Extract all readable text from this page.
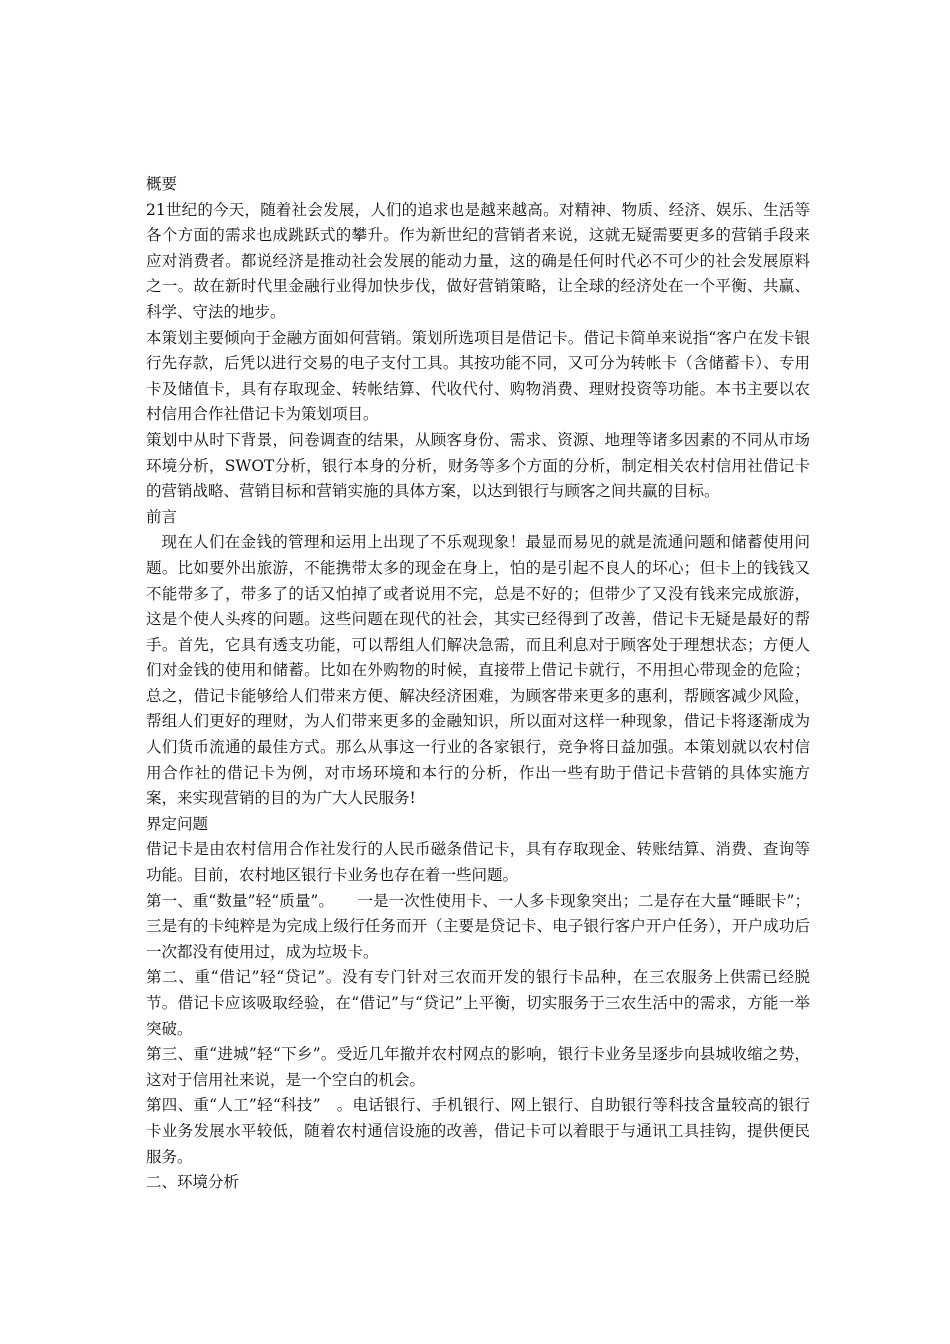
概要

21世纪的今天，随着社会发展，人们的追求也是越来越高。对精神、物质、经济、娱乐、生活等各个方面的需求也成跳跃式的攀升。作为新世纪的营销者来说，这就无疑需要更多的营销手段来应对消费者。都说经济是推动社会发展的能动力量，这的确是任何时代必不可少的社会发展原料之一。故在新时代里金融行业得加快步伐，做好营销策略，让全球的经济处在一个平衡、共赢、科学、守法的地步。

本策划主要倾向于金融方面如何营销。策划所选项目是借记卡。借记卡简单来说指“客户在发卡银行先存款，后凭以进行交易的电子支付工具。其按功能不同，又可分为转帐卡（含储蓄卡）、专用卡及储值卡，具有存取现金、转帐结算、代收代付、购物消费、理财投资等功能。本书主要以农村信用合作社借记卡为策划项目。

策划中从时下背景，问卷调查的结果，从顾客身份、需求、资源、地理等诸多因素的不同从市场环境分析，SWOT分析，银行本身的分析，财务等多个方面的分析，制定相关农村信用社借记卡的营销战略、营销目标和营销实施的具体方案，以达到银行与顾客之间共赢的目标。

前言

现在人们在金钱的管理和运用上出现了不乐观现象！最显而易见的就是流通问题和储蓄使用问题。比如要外出旅游，不能携带太多的现金在身上，怕的是引起不良人的坏心；但卡上的钱钱又不能带多了，带多了的话又怕掉了或者说用不完，总是不好的；但带少了又没有钱来完成旅游，这是个使人头疼的问题。这些问题在现代的社会，其实已经得到了改善，借记卡无疑是最好的帮手。首先，它具有透支功能，可以帮组人们解决急需，而且利息对于顾客处于理想状态；方便人们对金钱的使用和储蓄。比如在外购物的时候，直接带上借记卡就行，不用担心带现金的危险；总之，借记卡能够给人们带来方便、解决经济困难，为顾客带来更多的惠利，帮顾客减少风险，帮组人们更好的理财，为人们带来更多的金融知识，所以面对这样一种现象，借记卡将逐渐成为人们货币流通的最佳方式。那么从事这一行业的各家银行，竞争将日益加强。本策划就以农村信用合作社的借记卡为例，对市场环境和本行的分析，作出一些有助于借记卡营销的具体实施方案，来实现营销的目的为广大人民服务!

界定问题

借记卡是由农村信用合作社发行的人民币磁条借记卡，具有存取现金、转账结算、消费、查询等功能。目前，农村地区银行卡业务也存在着一些问题。

第一、重“数量”轻“质量”。　　一是一次性使用卡、一人多卡现象突出；二是存在大量“睡眠卡”；三是有的卡纯粹是为完成上级行任务而开（主要是贷记卡、电子银行客户开户任务），开户成功后一次都没有使用过，成为垃圾卡。

第二、重“借记”轻“贷记”。没有专门针对三农而开发的银行卡品种，在三农服务上供需已经脱节。借记卡应该吸取经验，在“借记”与“贷记”上平衡，切实服务于三农生活中的需求，方能一举突破。

第三、重“进城”轻“下乡”。受近几年撤并农村网点的影响，银行卡业务呈逐步向县城收缩之势，这对于信用社来说，是一个空白的机会。

第四、重“人工”轻“科技”　。电话银行、手机银行、网上银行、自助银行等科技含量较高的银行卡业务发展水平较低，随着农村通信设施的改善，借记卡可以着眼于与通讯工具挂钩，提供便民服务。

二、环境分析
